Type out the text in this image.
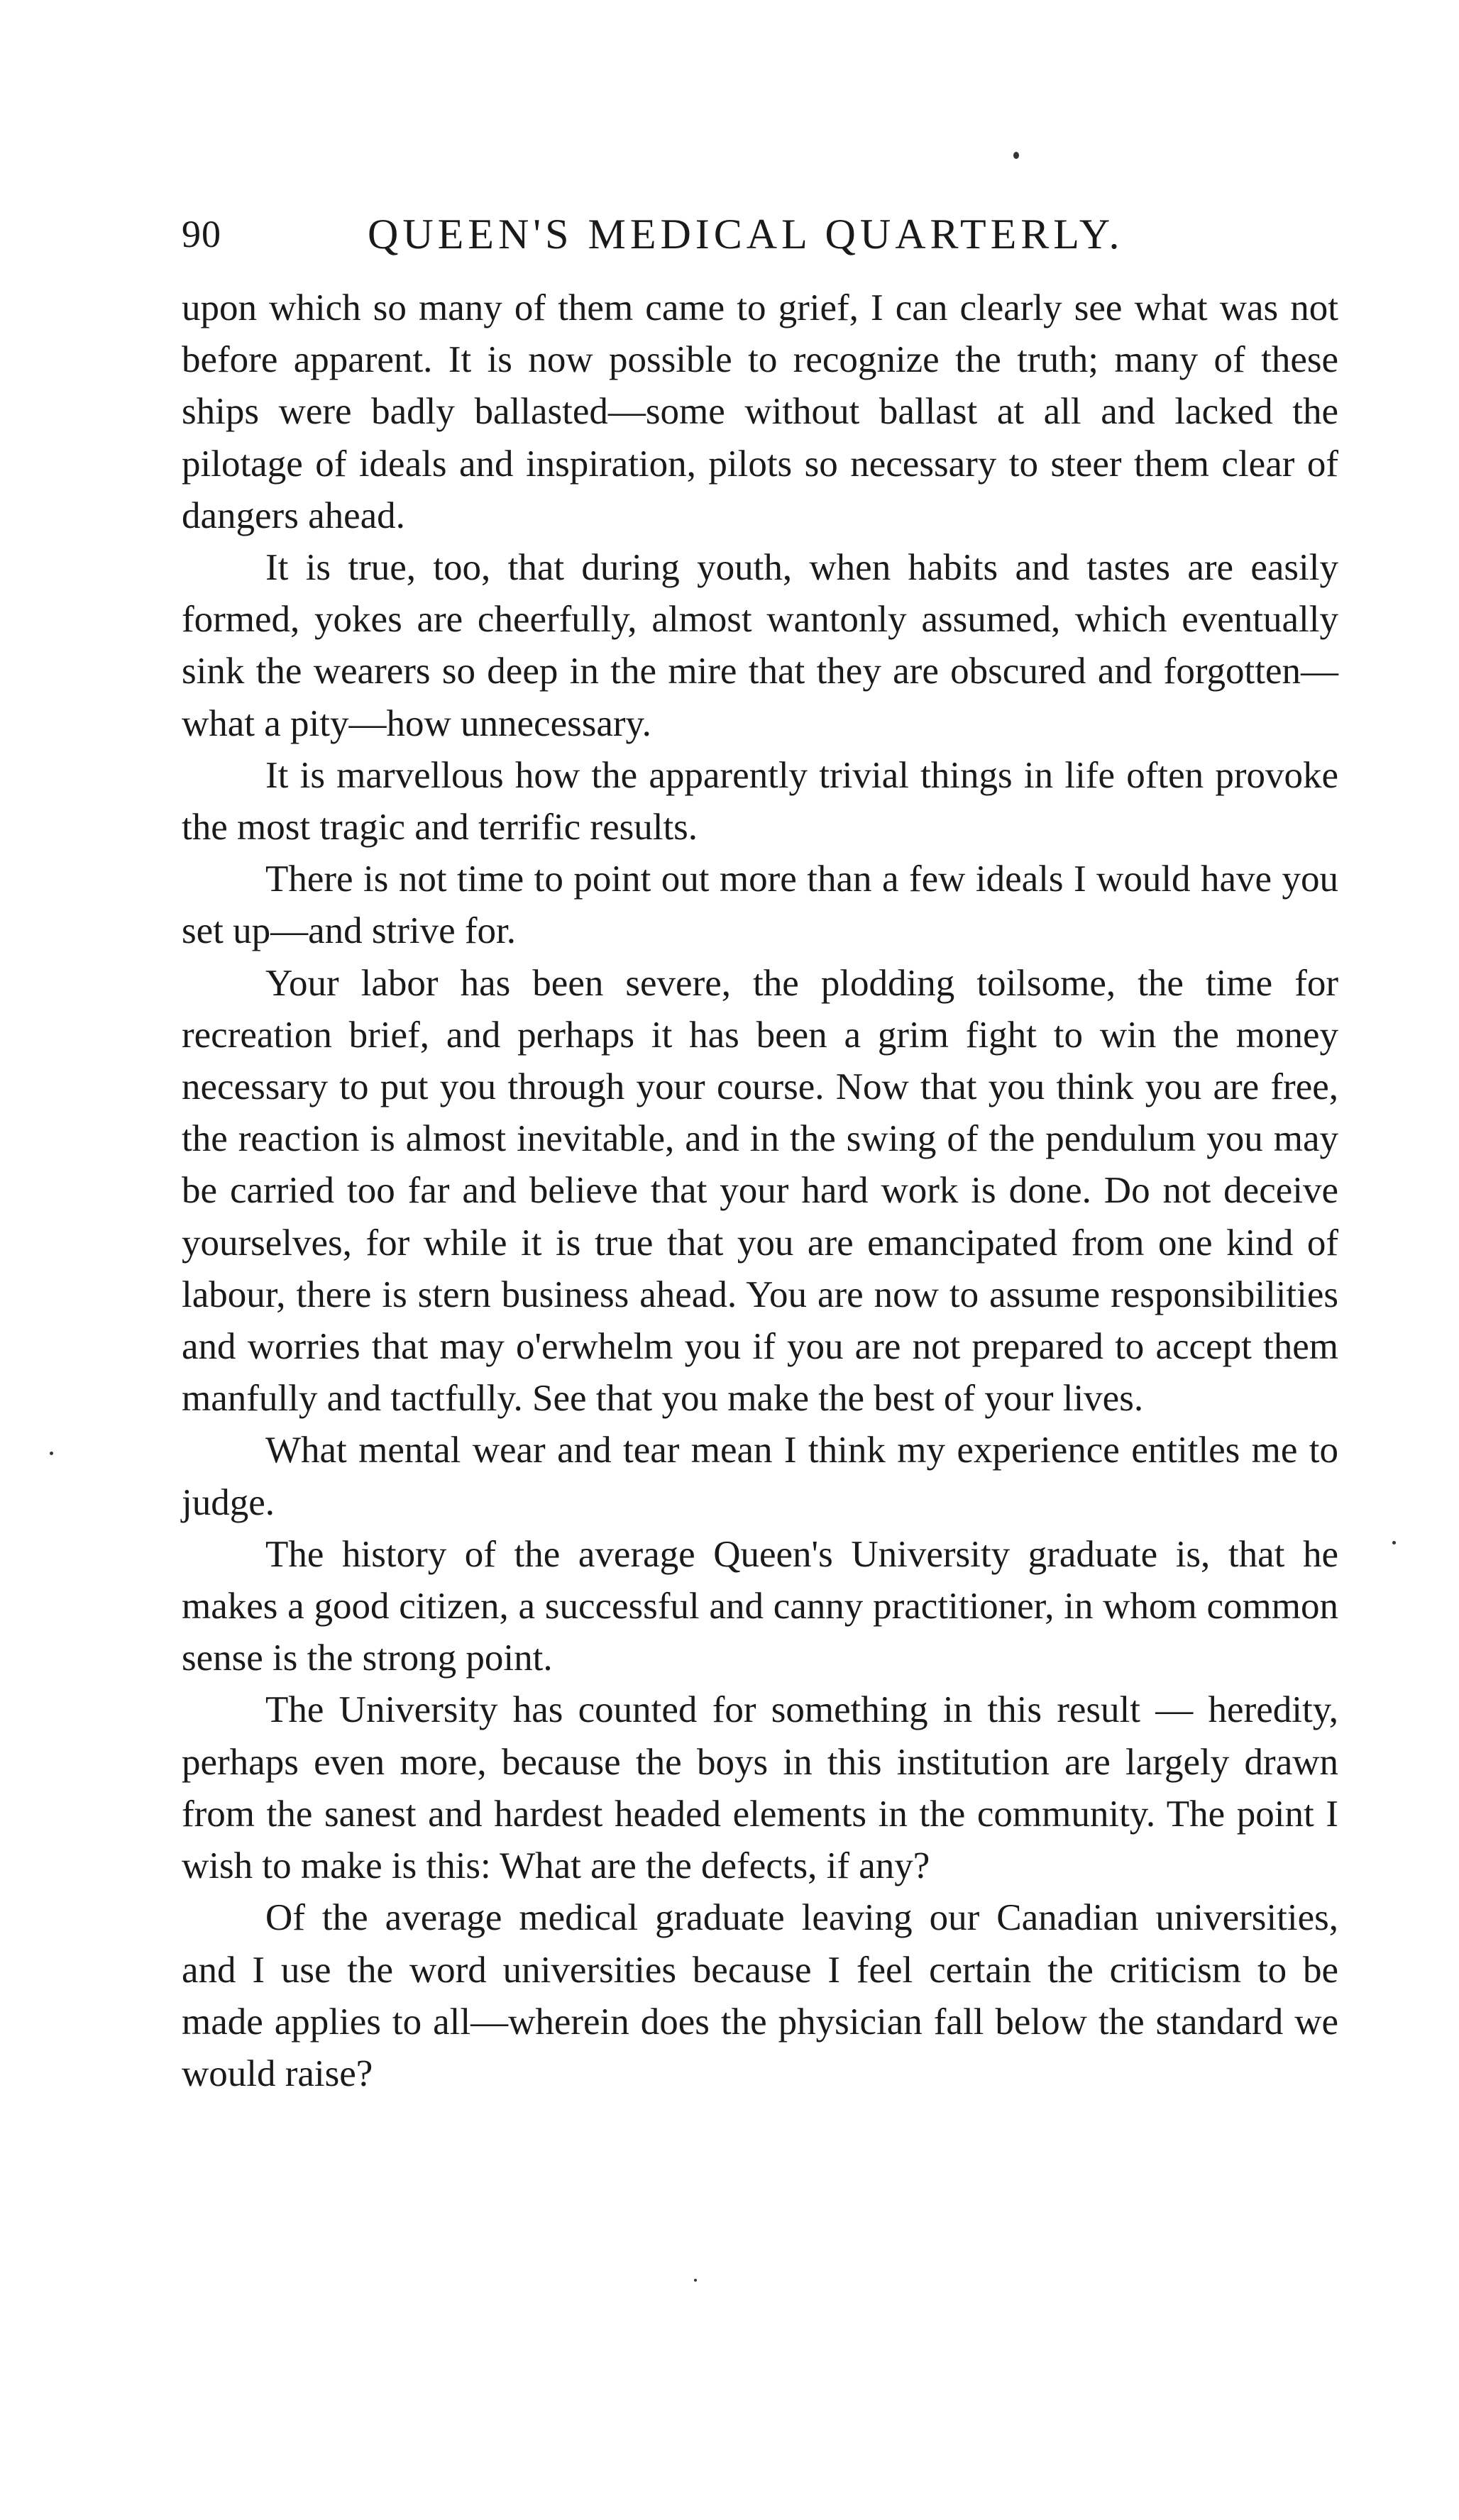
90	QUEEN'S MEDICAL QUARTERLY.

upon which so many of them came to grief, I can clearly see what was not before apparent. It is now possible to recognize the truth; many of these ships were badly ballasted—some without ballast at all and lacked the pilotage of ideals and inspiration, pilots so necessary to steer them clear of dangers ahead.

It is true, too, that during youth, when habits and tastes are easily formed, yokes are cheerfully, almost wantonly assumed, which eventually sink the wearers so deep in the mire that they are obscured and forgotten—what a pity—how unnecessary.

It is marvellous how the apparently trivial things in life often provoke the most tragic and terrific results.

There is not time to point out more than a few ideals I would have you set up—and strive for.

Your labor has been severe, the plodding toilsome, the time for recreation brief, and perhaps it has been a grim fight to win the money necessary to put you through your course. Now that you think you are free, the reaction is almost inevitable, and in the swing of the pendulum you may be carried too far and believe that your hard work is done. Do not deceive yourselves, for while it is true that you are emancipated from one kind of labour, there is stern business ahead. You are now to assume responsibilities and worries that may o'erwhelm you if you are not prepared to accept them manfully and tactfully. See that you make the best of your lives.

What mental wear and tear mean I think my experience entitles me to judge.

The history of the average Queen's University graduate is, that he makes a good citizen, a successful and canny practitioner, in whom common sense is the strong point.

The University has counted for something in this result — heredity, perhaps even more, because the boys in this institution are largely drawn from the sanest and hardest headed elements in the community. The point I wish to make is this: What are the defects, if any?

Of the average medical graduate leaving our Canadian universities, and I use the word universities because I feel certain the criticism to be made applies to all—wherein does the physician fall below the standard we would raise?
